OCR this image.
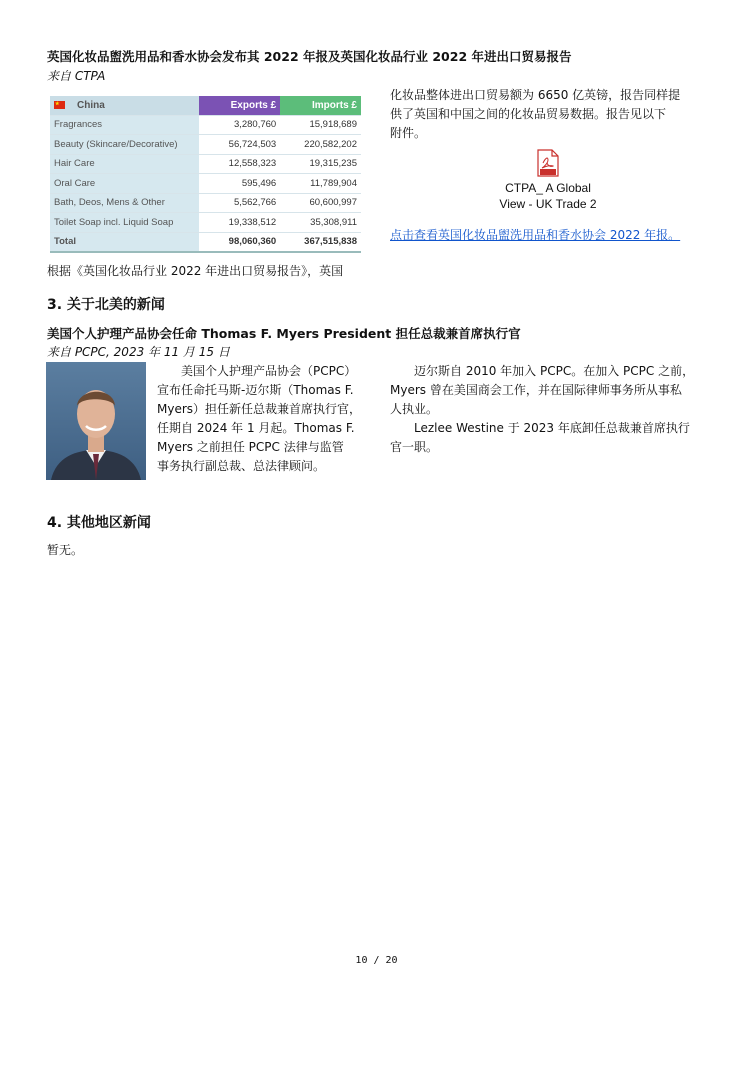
英国化妆品盥洗用品和香水协会发布其 2022 年报及英国化妆品行业 2022 年进出口贸易报告
来自 CTPA
★China	Exports £	Imports £
Fragrances	3,280,760	15,918,689
Beauty (Skincare/Decorative)	56,724,503	220,582,202
Hair Care	12,558,323	19,315,235
Oral Care	595,496	11,789,904
Bath, Deos, Mens & Other	5,562,766	60,600,997
Toilet Soap incl. Liquid Soap	19,338,512	35,308,911
Total	98,060,360	367,515,838
根据《英国化妆品行业 2022 年进出口贸易报告》，英国
化妆品整体进出口贸易额为 6650 亿英镑，报告同样提
供了英国和中国之间的化妆品贸易数据。报告见以下
附件。
CTPA_ A Global
View - UK Trade 2
点击查看英国化妆品盥洗用品和香水协会 2022 年报。
3. 关于北美的新闻
美国个人护理产品协会任命 Thomas F. Myers President 担任总裁兼首席执行官
来自 PCPC, 2023 年 11 月 15 日
美国个人护理产品协会（PCPC）
宣布任命托马斯-迈尔斯（Thomas F.
Myers）担任新任总裁兼首席执行官，
任期自 2024 年 1 月起。Thomas F.
Myers 之前担任 PCPC 法律与监管
事务执行副总裁、总法律顾问。
迈尔斯自 2010 年加入 PCPC。在加入 PCPC 之前，
Myers 曾在美国商会工作，并在国际律师事务所从事私
人执业。
Lezlee Westine 于 2023 年底卸任总裁兼首席执行
官一职。
4. 其他地区新闻
暂无。
10 / 20
